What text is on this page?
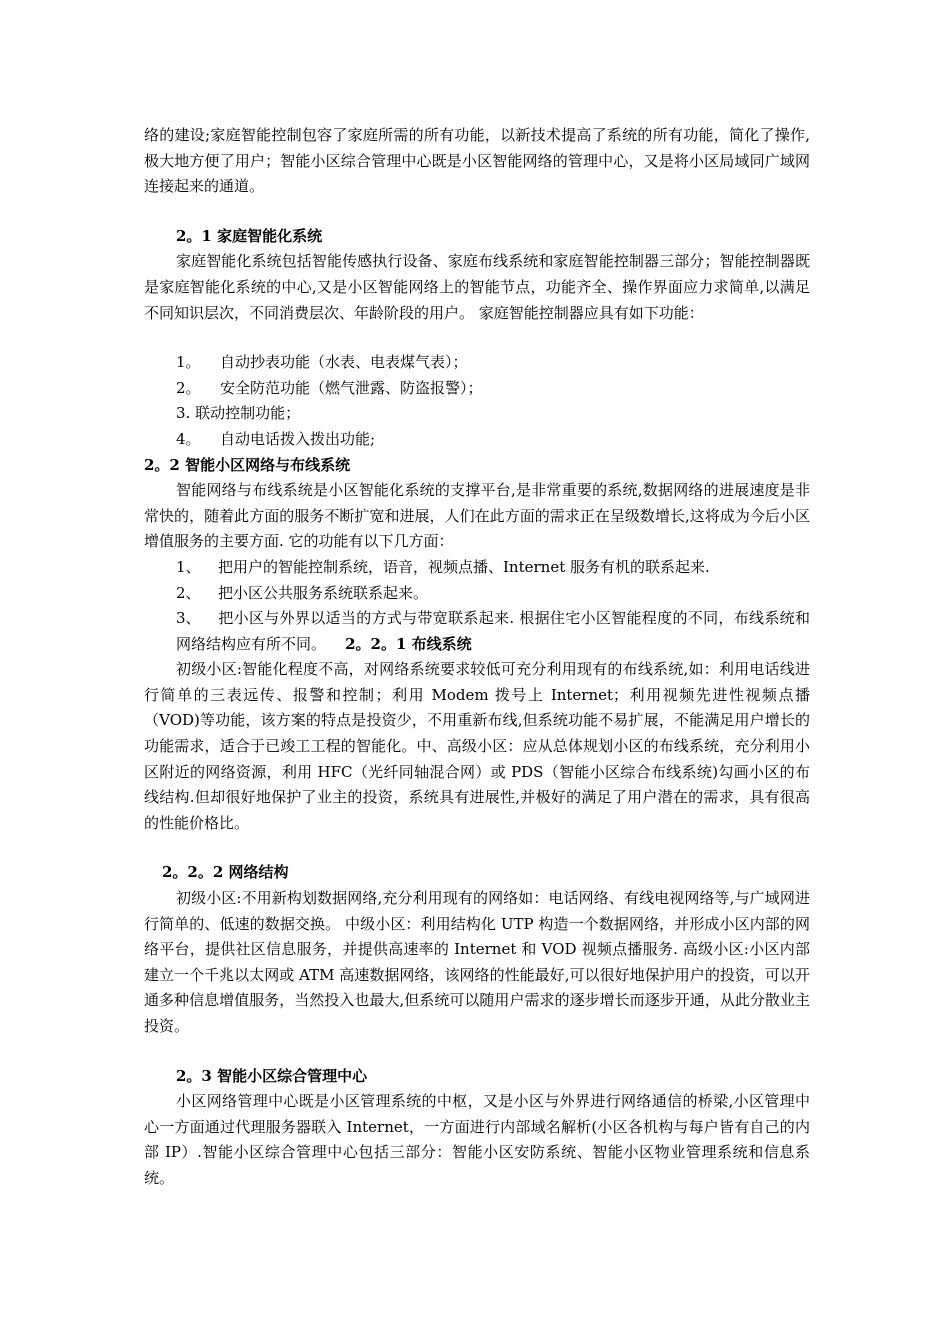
络的建设;家庭智能控制包容了家庭所需的所有功能，以新技术提高了系统的所有功能，简化了操作,极大地方便了用户；智能小区综合管理中心既是小区智能网络的管理中心，又是将小区局域同广域网连接起来的通道。

2。1 家庭智能化系统

家庭智能化系统包括智能传感执行设备、家庭布线系统和家庭智能控制器三部分；智能控制器既是家庭智能化系统的中心,又是小区智能网络上的智能节点，功能齐全、操作界面应力求简单,以满足不同知识层次，不同消费层次、年龄阶段的用户。 家庭智能控制器应具有如下功能：

1。 自动抄表功能（水表、电表煤气表）；

2。 安全防范功能（燃气泄露、防盗报警）；

3. 联动控制功能；

4。 自动电话拨入拨出功能;

2。2 智能小区网络与布线系统

智能网络与布线系统是小区智能化系统的支撑平台,是非常重要的系统,数据网络的进展速度是非常快的，随着此方面的服务不断扩宽和进展，人们在此方面的需求正在呈级数增长,这将成为今后小区增值服务的主要方面. 它的功能有以下几方面：

1、 把用户的智能控制系统，语音，视频点播、Internet 服务有机的联系起来.

2、 把小区公共服务系统联系起来。

3、 把小区与外界以适当的方式与带宽联系起来. 根据住宅小区智能程度的不同，布线系统和网络结构应有所不同。 2。2。1 布线系统

初级小区:智能化程度不高，对网络系统要求较低可充分利用现有的布线系统,如：利用电话线进行简单的三表远传、报警和控制；利用 Modem 拨号上 Internet；利用视频先进性视频点播（VOD)等功能，该方案的特点是投资少，不用重新布线,但系统功能不易扩展，不能满足用户增长的功能需求，适合于已竣工工程的智能化。中、高级小区：应从总体规划小区的布线系统，充分利用小区附近的网络资源，利用 HFC（光纤同轴混合网）或 PDS（智能小区综合布线系统)勾画小区的布线结构.但却很好地保护了业主的投资，系统具有进展性,并极好的满足了用户潜在的需求，具有很高的性能价格比。

2。2。2 网络结构

初级小区:不用新构划数据网络,充分利用现有的网络如：电话网络、有线电视网络等,与广域网进行简单的、低速的数据交换。 中级小区：利用结构化 UTP 构造一个数据网络，并形成小区内部的网络平台，提供社区信息服务，并提供高速率的 Internet 和 VOD 视频点播服务. 高级小区:小区内部建立一个千兆以太网或 ATM 高速数据网络，该网络的性能最好,可以很好地保护用户的投资，可以开通多种信息增值服务，当然投入也最大,但系统可以随用户需求的逐步增长而逐步开通，从此分散业主投资。

2。3 智能小区综合管理中心

小区网络管理中心既是小区管理系统的中枢，又是小区与外界进行网络通信的桥梁,小区管理中心一方面通过代理服务器联入 Internet，一方面进行内部域名解析(小区各机构与每户皆有自己的内部 IP）.智能小区综合管理中心包括三部分：智能小区安防系统、智能小区物业管理系统和信息系统。
